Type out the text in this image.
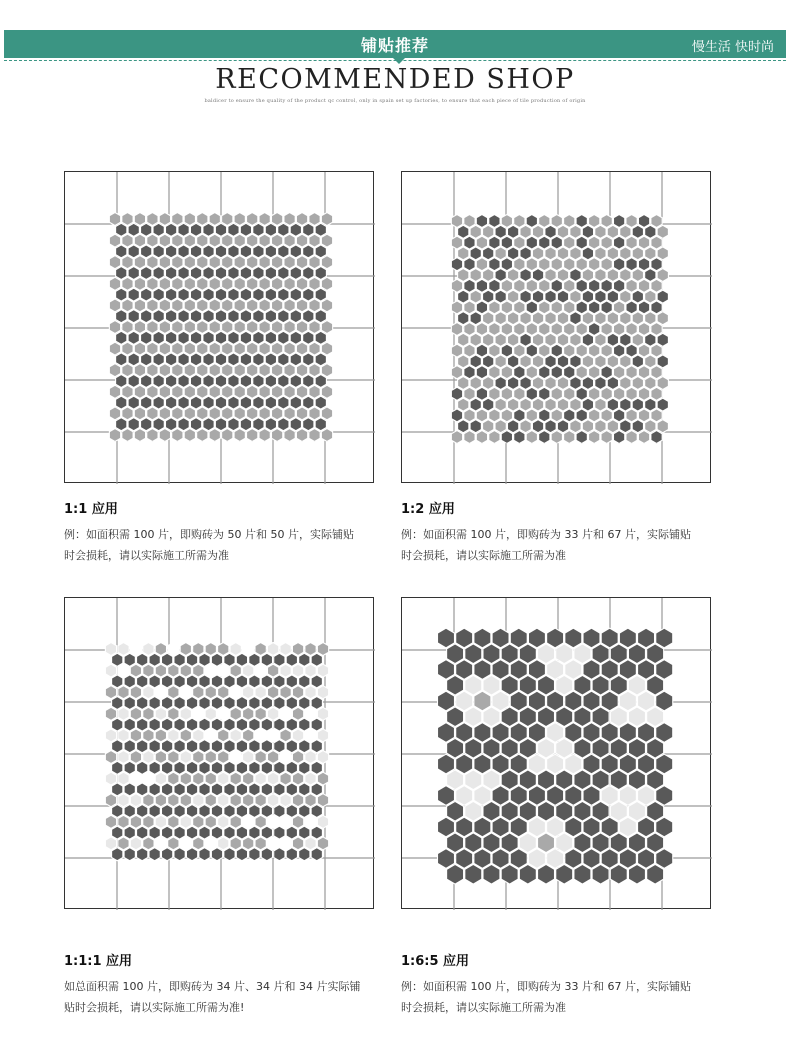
铺贴推荐	慢生活 快时尚
RECOMMENDED SHOP
baldicer to ensure the quality of the product qc control, only in spain set up factories, to ensure that each piece of tile production of origin
1:1 应用
例：如面积需 100 片，即购砖为 50 片和 50 片，实际铺贴
时会损耗，请以实际施工所需为准
1:2 应用
例：如面积需 100 片，即购砖为 33 片和 67 片，实际铺贴
时会损耗，请以实际施工所需为准
1:1:1 应用
如总面积需 100 片，即购砖为 34 片、34 片和 34 片实际铺
贴时会损耗，请以实际施工所需为准!
1:6:5 应用
例：如面积需 100 片，即购砖为 33 片和 67 片，实际铺贴
时会损耗，请以实际施工所需为准
